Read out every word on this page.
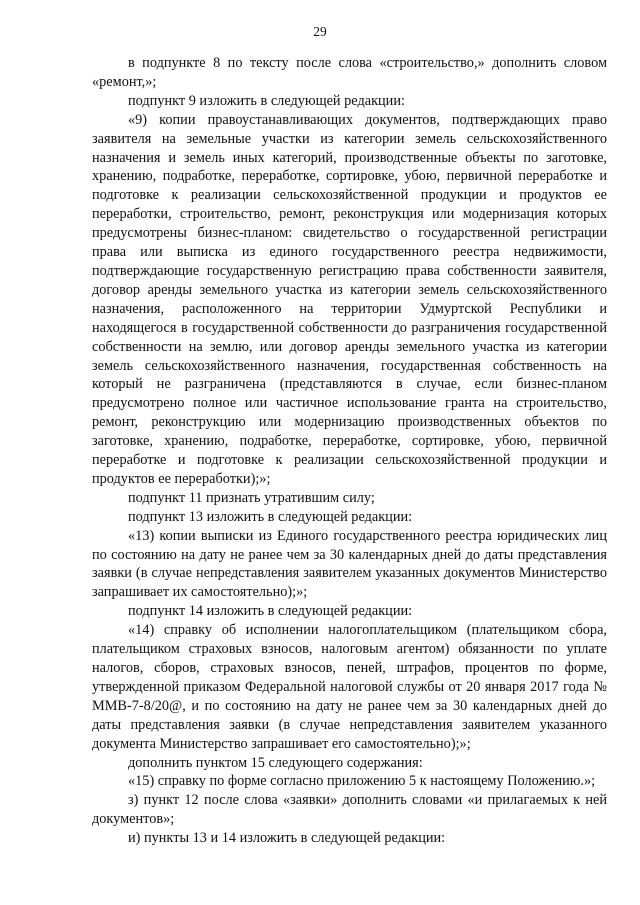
29

в подпункте 8 по тексту после слова «строительство,» дополнить словом «ремонт,»;

подпункт 9 изложить в следующей редакции:

«9) копии правоустанавливающих документов, подтверждающих право заявителя на земельные участки из категории земель сельскохозяйственного назначения и земель иных категорий, производственные объекты по заготовке, хранению, подработке, переработке, сортировке, убою, первичной переработке и подготовке к реализации сельскохозяйственной продукции и продуктов ее переработки, строительство, ремонт, реконструкция или модернизация которых предусмотрены бизнес-планом: свидетельство о государственной регистрации права или выписка из единого государственного реестра недвижимости, подтверждающие государственную регистрацию права собственности заявителя, договор аренды земельного участка из категории земель сельскохозяйственного назначения, расположенного на территории Удмуртской Республики и находящегося в государственной собственности до разграничения государственной собственности на землю, или договор аренды земельного участка из категории земель сельскохозяйственного назначения, государственная собственность на который не разграничена (представляются в случае, если бизнес-планом предусмотрено полное или частичное использование гранта на строительство, ремонт, реконструкцию или модернизацию производственных объектов по заготовке, хранению, подработке, переработке, сортировке, убою, первичной переработке и подготовке к реализации сельскохозяйственной продукции и продуктов ее переработки);»;

подпункт 11 признать утратившим силу;

подпункт 13 изложить в следующей редакции:

«13) копии выписки из Единого государственного реестра юридических лиц по состоянию на дату не ранее чем за 30 календарных дней до даты представления заявки (в случае непредставления заявителем указанных документов Министерство запрашивает их самостоятельно);»;

подпункт 14 изложить в следующей редакции:

«14) справку об исполнении налогоплательщиком (плательщиком сбора, плательщиком страховых взносов, налоговым агентом) обязанности по уплате налогов, сборов, страховых взносов, пеней, штрафов, процентов по форме, утвержденной приказом Федеральной налоговой службы от 20 января 2017 года № ММВ-7-8/20@, и по состоянию на дату не ранее чем за 30 календарных дней до даты представления заявки (в случае непредставления заявителем указанного документа Министерство запрашивает его самостоятельно);»;

дополнить пунктом 15 следующего содержания:

«15) справку по форме согласно приложению 5 к настоящему Положению.»;

з) пункт 12 после слова «заявки» дополнить словами «и прилагаемых к ней документов»;

и) пункты 13 и 14 изложить в следующей редакции:
